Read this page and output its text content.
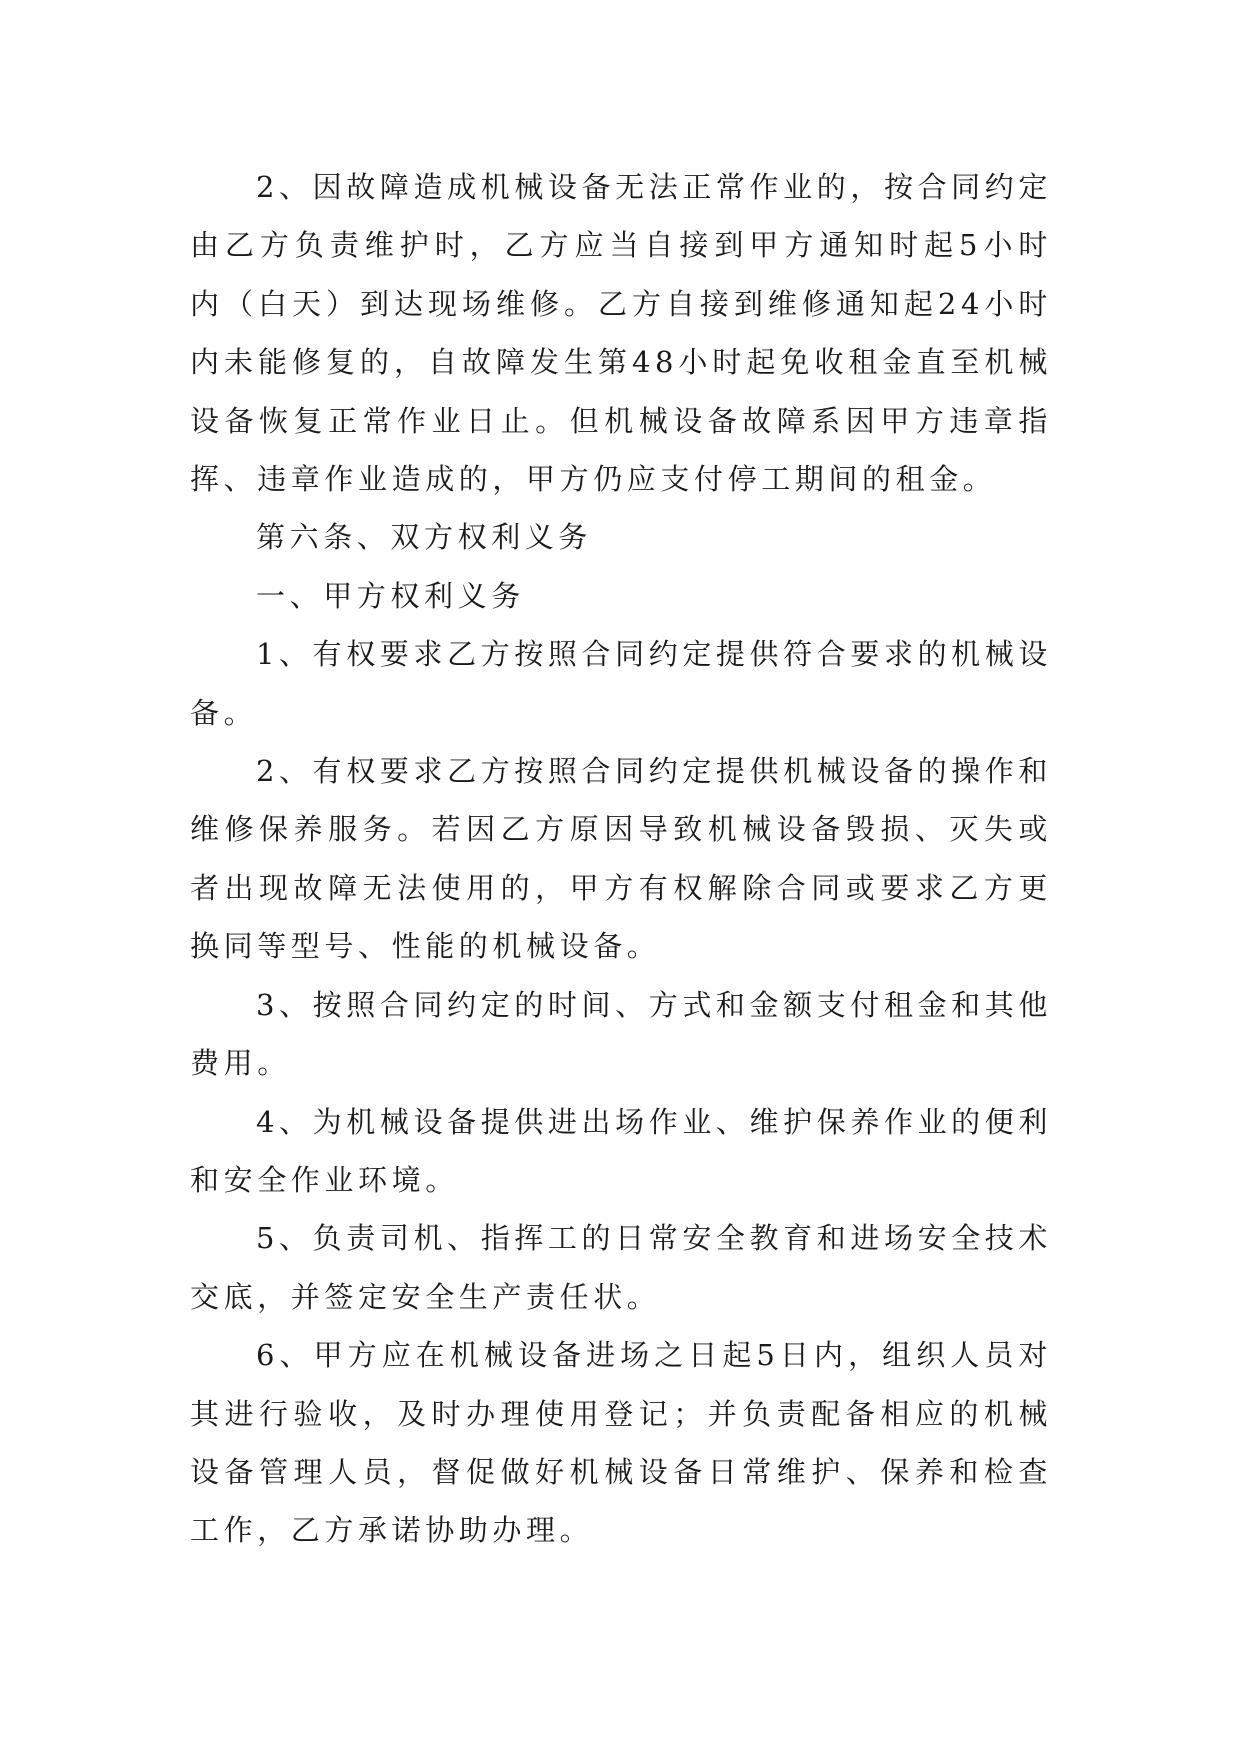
2、因故障造成机械设备无法正常作业的，按合同约定由乙方负责维护时，乙方应当自接到甲方通知时起5小时内（白天）到达现场维修。乙方自接到维修通知起24小时内未能修复的，自故障发生第48小时起免收租金直至机械设备恢复正常作业日止。但机械设备故障系因甲方违章指挥、违章作业造成的，甲方仍应支付停工期间的租金。

第六条、双方权利义务

一、甲方权利义务

1、有权要求乙方按照合同约定提供符合要求的机械设备。

2、有权要求乙方按照合同约定提供机械设备的操作和维修保养服务。若因乙方原因导致机械设备毁损、灭失或者出现故障无法使用的，甲方有权解除合同或要求乙方更换同等型号、性能的机械设备。

3、按照合同约定的时间、方式和金额支付租金和其他费用。

4、为机械设备提供进出场作业、维护保养作业的便利和安全作业环境。

5、负责司机、指挥工的日常安全教育和进场安全技术交底，并签定安全生产责任状。

6、甲方应在机械设备进场之日起5日内，组织人员对其进行验收，及时办理使用登记；并负责配备相应的机械设备管理人员，督促做好机械设备日常维护、保养和检查工作，乙方承诺协助办理。
